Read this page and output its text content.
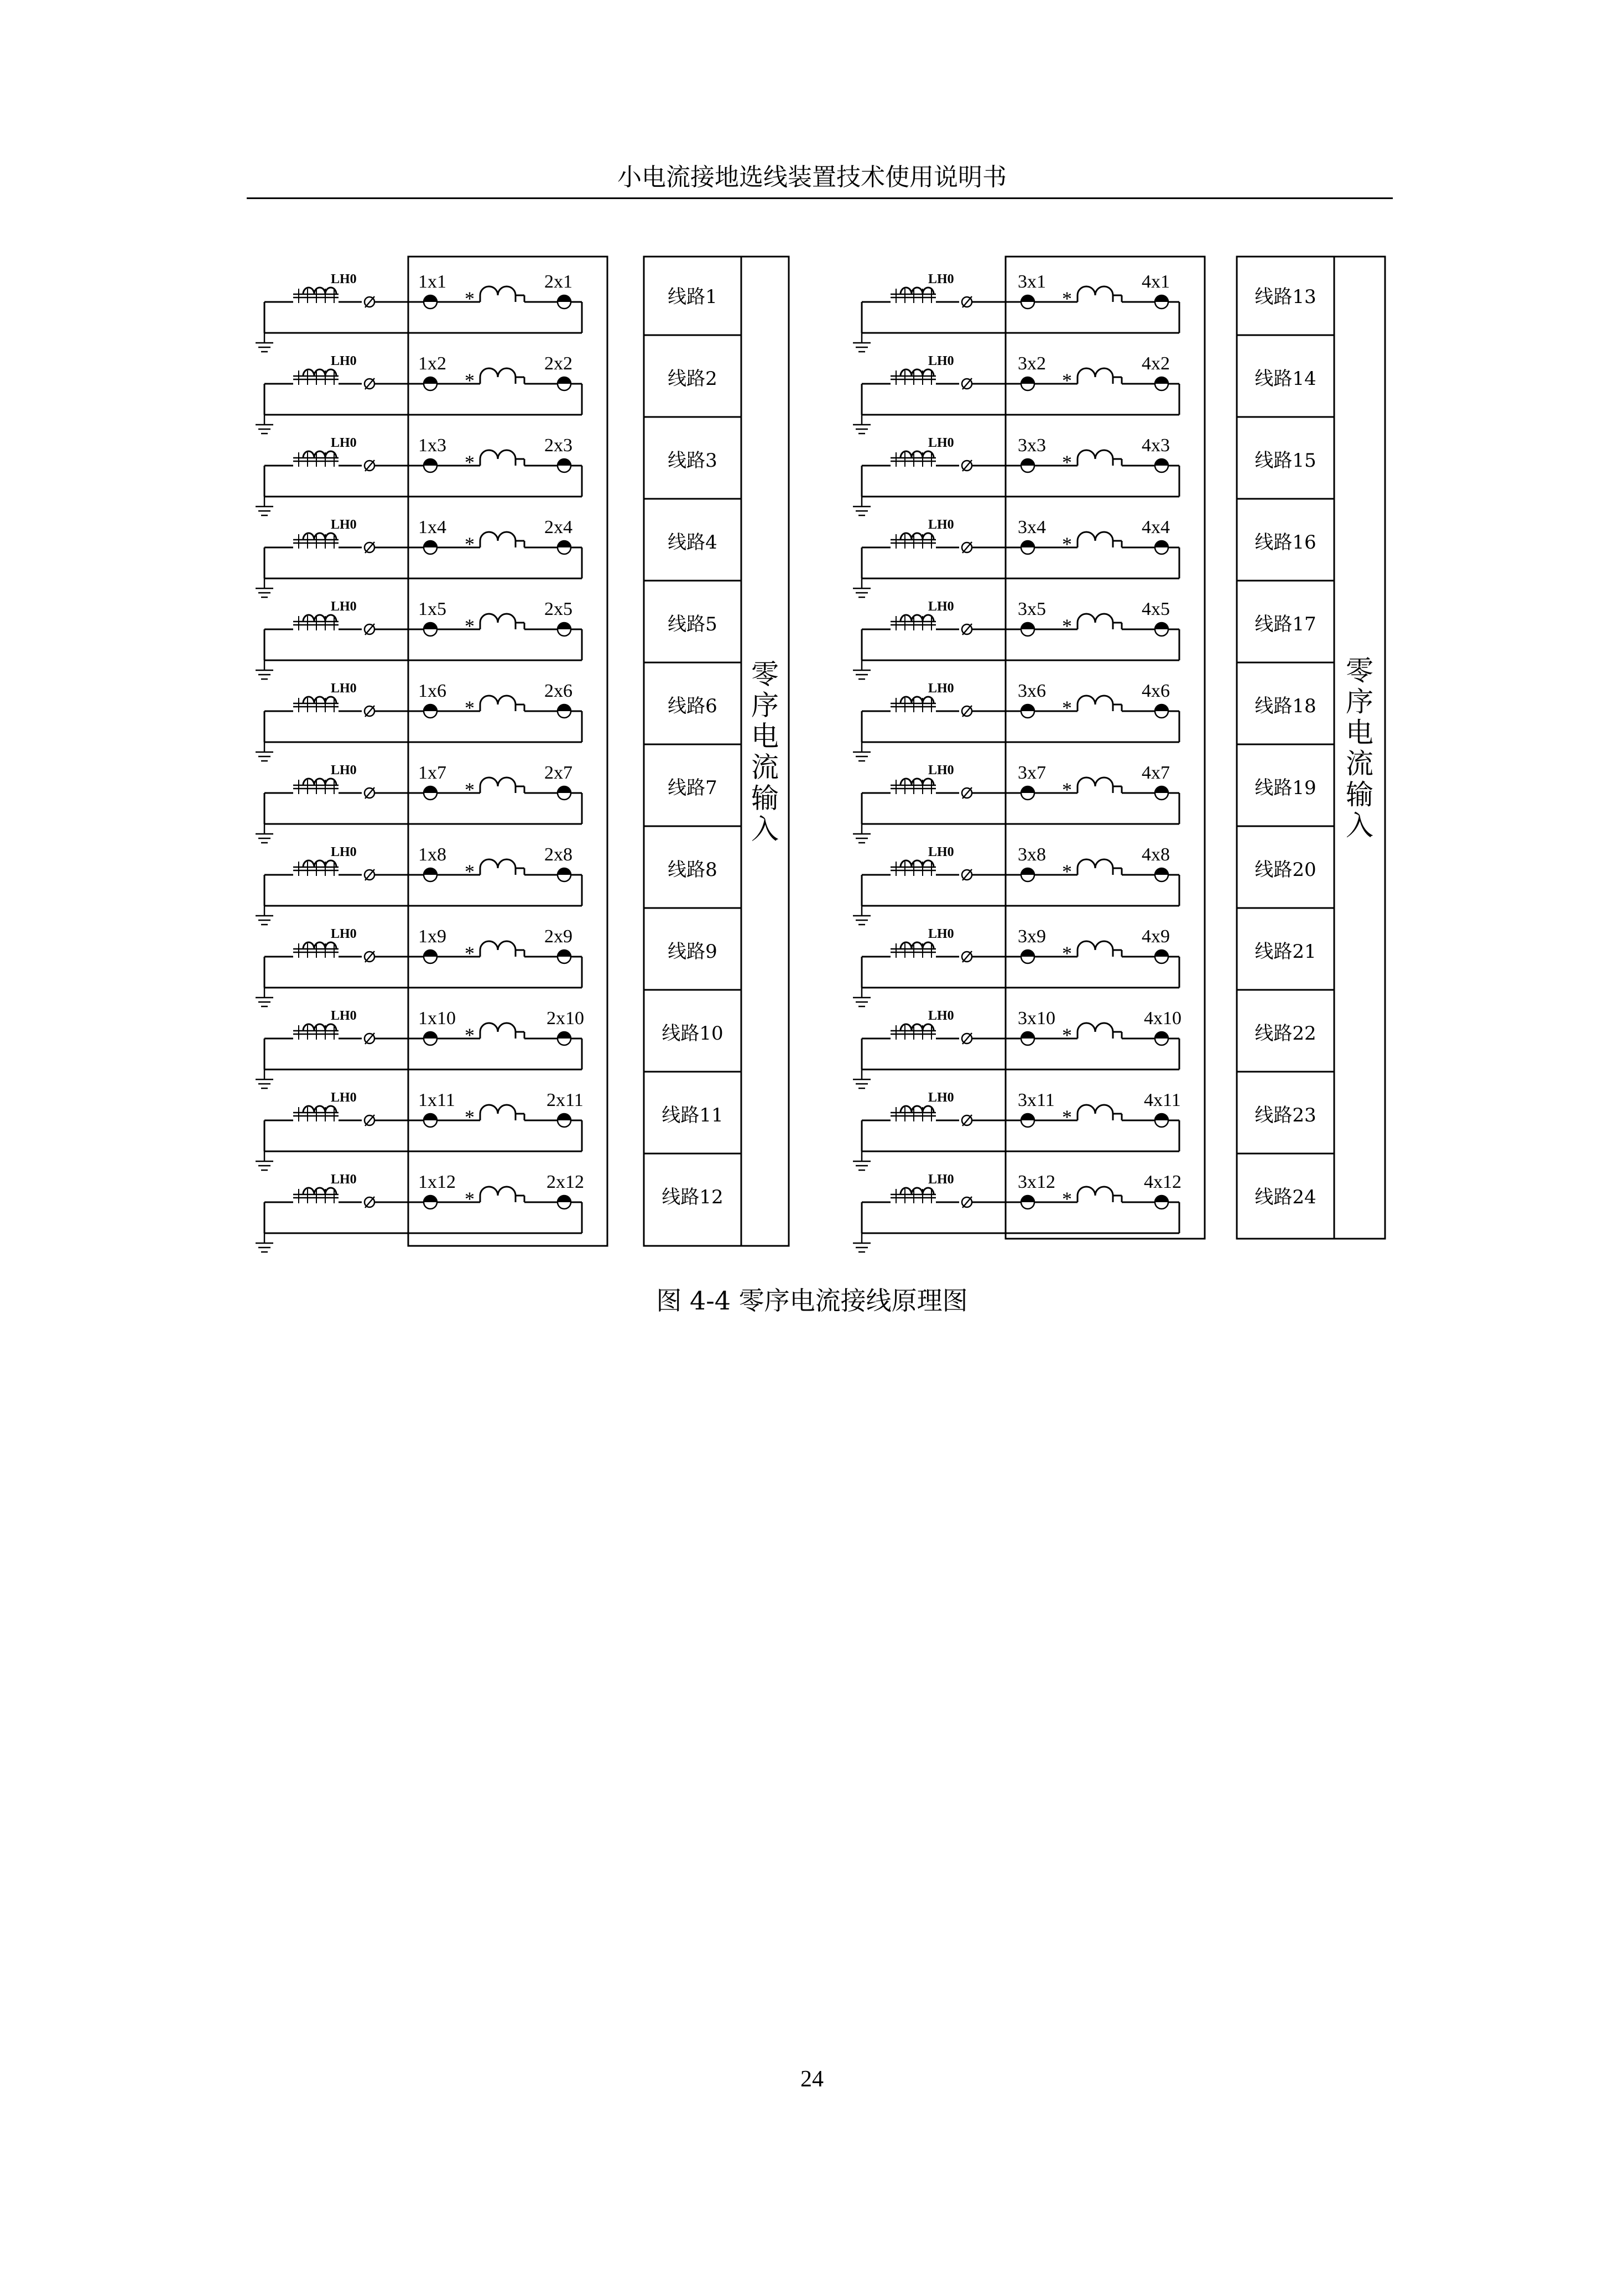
小电流接地选线装置技术使用说明书
零
序
电
流
输
入
LH0
*
1x1	2x1
线路1
LH0
*
1x2	2x2
线路2
LH0
*
1x3	2x3
线路3
LH0
*
1x4	2x4
线路4
LH0
*
1x5	2x5
线路5
LH0
*
1x6	2x6
线路6
LH0
*
1x7	2x7
线路7
LH0
*
1x8	2x8
线路8
LH0
*
1x9	2x9
线路9
LH0
*
1x10	2x10
线路10
LH0
*
1x11	2x11
线路11
LH0
*
1x12	2x12
线路12
零
序
电
流
输
入
LH0
*
3x1	4x1
线路13
LH0
*
3x2	4x2
线路14
LH0
*
3x3	4x3
线路15
LH0
*
3x4	4x4
线路16
LH0
*
3x5	4x5
线路17
LH0
*
3x6	4x6
线路18
LH0
*
3x7	4x7
线路19
LH0
*
3x8	4x8
线路20
LH0
*
3x9	4x9
线路21
LH0
*
3x10	4x10
线路22
LH0
*
3x11	4x11
线路23
LH0
*
3x12	4x12
线路24
图 4-4 零序电流接线原理图
24
